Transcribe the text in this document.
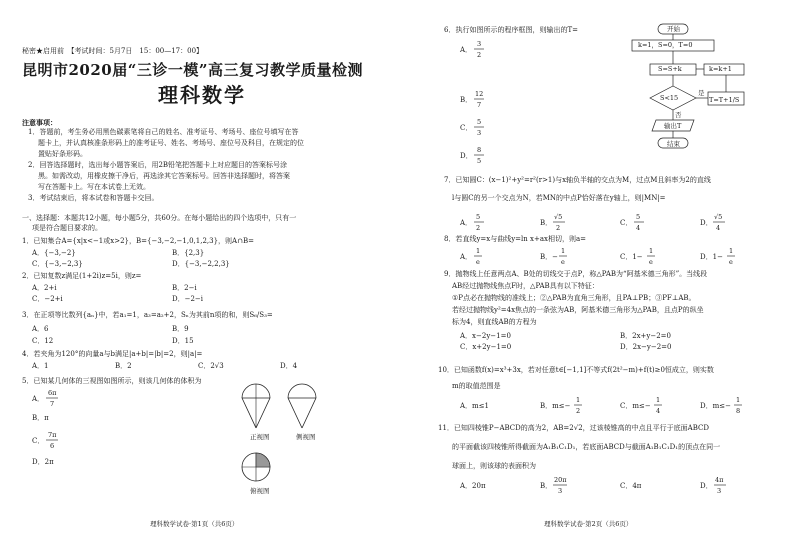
秘密★启用前　【考试时间：5月7日　15：00—17：00】
昆明市2020届“三诊一模”高三复习教学质量检测
理科数学
注意事项：
1．答题前，考生务必用黑色碳素笔将自己的姓名、准考证号、考场号、座位号填写在答
题卡上，并认真核准条形码上的准考证号、姓名、考场号、座位号及科目，在规定的位
置贴好条形码。
2．回答选择题时，选出每小题答案后，用2B铅笔把答题卡上对应题目的答案标号涂
黑。如需改动，用橡皮擦干净后，再选涂其它答案标号。回答非选择题时，将答案
写在答题卡上。写在本试卷上无效。
3．考试结束后，将本试卷和答题卡交回。
一、选择题：本题共12小题，每小题5分，共60分。在每小题给出的四个选项中，只有一
项是符合题目要求的。
1．已知集合A={x|x<−1或x>2}，B={−3,−2,−1,0,1,2,3}，则A∩B=
A．{−3,−2}	B．{2,3}
C．{−3,−2,3}	D．{−3,−2,2,3}
2．已知复数z满足(1+2i)z=5i，则z=
A．2+i	B．2−i
C．−2+i	D．−2−i
3．在正项等比数列{aₙ}中，若a₁=1，a₃=a₂+2，Sₙ为其前n项的和，则S₆/S₃=
A．6	B．9
C．12	D．15
4．若夹角为120°的向量a与b满足|a+b|=|b|=2，则|a|=
A．1	B．2	C．2√3	D．4
5．已知某几何体的三视图如图所示，则该几何体的体积为
A．
6π
7
B．π
C．
7π
6
D．2π
正视图	侧视图
俯视图
理科数学试卷·第1页（共6页）
6．执行如图所示的程序框图，则输出的T=
A．
3
2
B．
12
7
C．
5
3
D．
8
5
开始
k=1，S=0，T=0
S=S+k	k=k+1
S<15
是
否
T=T+1/S
输出T
结束
7．已知圆C：(x−1)²+y²=r²(r>1)与x轴负半轴的交点为M，过点M且斜率为2的直线
l与圆C的另一个交点为N，若MN的中点P恰好落在y轴上，则|MN|=
A．
5
2
B．
√5
2
C．
5
4
D．
√5
4
8．若直线y=x与曲线y=ln x+ax相切，则a=
A．
1
e
B．−
1
e
C．1−
1
e
D．1−
1
e
9．抛物线上任意两点A、B处的切线交于点P，称△PAB为“阿基米德三角形”。当线段
AB经过抛物线焦点F时，△PAB具有以下特征：
①P点必在抛物线的准线上；②△PAB为直角三角形，且PA⊥PB；③PF⊥AB。
若经过抛物线y²=4x焦点的一条弦为AB，阿基米德三角形为△PAB，且点P的纵坐
标为4，则直线AB的方程为
A．x−2y−1=0	B．2x+y−2=0
C．x+2y−1=0	D．2x−y−2=0
10．已知函数f(x)=x³+3x，若对任意t∈[−1,1]不等式f(2t²−m)+f(t)≥0恒成立，则实数
m的取值范围是
A．m≤1	B．m≤−
1
2
C．m≤−
1
4
D．m≤−
1
8
11．已知四棱锥P−ABCD的高为2，AB=2√2，过该棱锥高的中点且平行于底面ABCD
的平面截该四棱锥所得截面为A₁B₁C₁D₁，若底面ABCD与截面A₁B₁C₁D₁的顶点在同一
球面上，则该球的表面积为
A．20π	B．
20π
3
C．4π	D．
4π
3
理科数学试卷·第2页（共6页）
